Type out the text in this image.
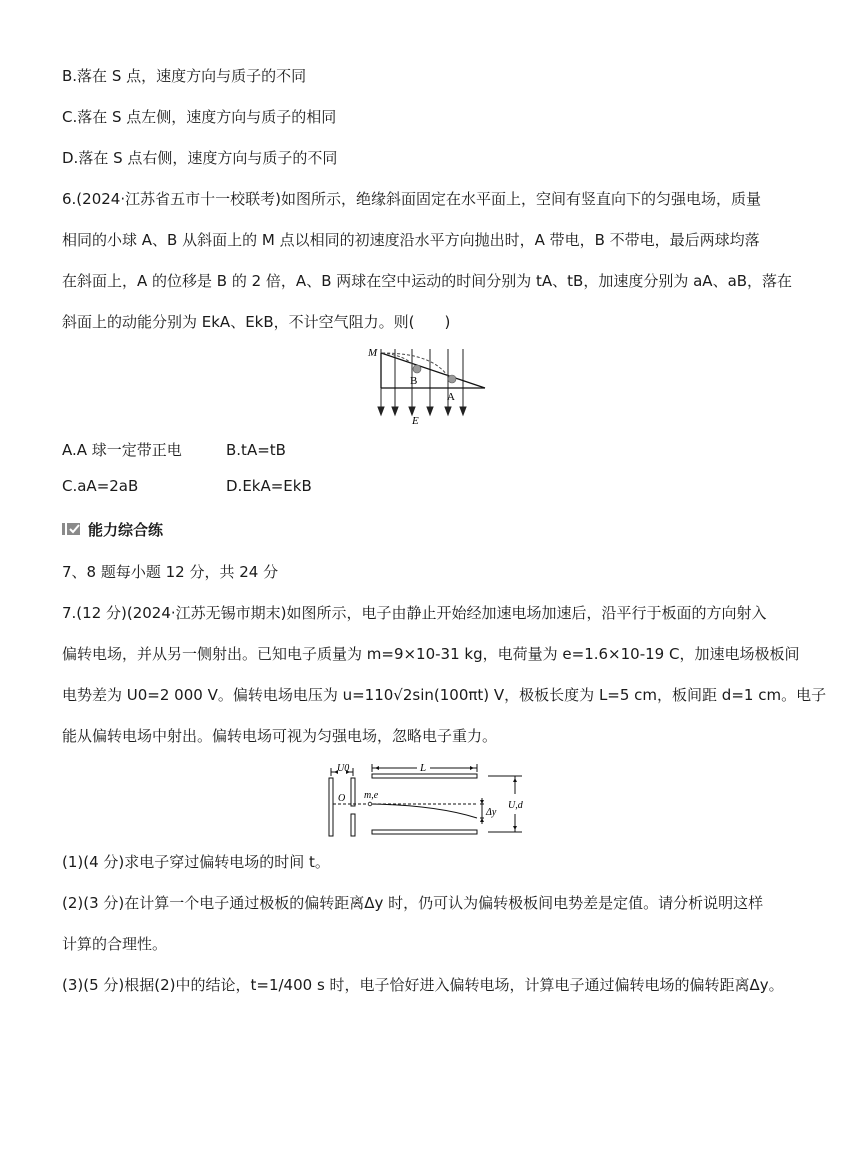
B.落在 S 点，速度方向与质子的不同
C.落在 S 点左侧，速度方向与质子的相同
D.落在 S 点右侧，速度方向与质子的不同
6.(2024·江苏省五市十一校联考)如图所示，绝缘斜面固定在水平面上，空间有竖直向下的匀强电场，质量
相同的小球 A、B 从斜面上的 M 点以相同的初速度沿水平方向抛出时，A 带电，B 不带电，最后两球均落
在斜面上，A 的位移是 B 的 2 倍，A、B 两球在空中运动的时间分别为 tA、tB，加速度分别为 aA、aB，落在
斜面上的动能分别为 EkA、EkB，不计空气阻力。则(　　)
M
B
A
E
A.A 球一定带正电	B.tA=tB
C.aA=2aB	D.EkA=EkB
能力综合练
7、8 题每小题 12 分，共 24 分
7.(12 分)(2024·江苏无锡市期末)如图所示，电子由静止开始经加速电场加速后，沿平行于板面的方向射入
偏转电场，并从另一侧射出。已知电子质量为 m=9×10-31 kg，电荷量为 e=1.6×10-19 C，加速电场极板间
电势差为 U0=2 000 V。偏转电场电压为 u=110√2sin(100πt) V，极板长度为 L=5 cm，板间距 d=1 cm。电子
能从偏转电场中射出。偏转电场可视为匀强电场，忽略电子重力。
U0	L
O m,e
U,d
Δy
(1)(4 分)求电子穿过偏转电场的时间 t。
(2)(3 分)在计算一个电子通过极板的偏转距离Δy 时，仍可认为偏转极板间电势差是定值。请分析说明这样
计算的合理性。
(3)(5 分)根据(2)中的结论，t=1/400 s 时，电子恰好进入偏转电场，计算电子通过偏转电场的偏转距离Δy。
